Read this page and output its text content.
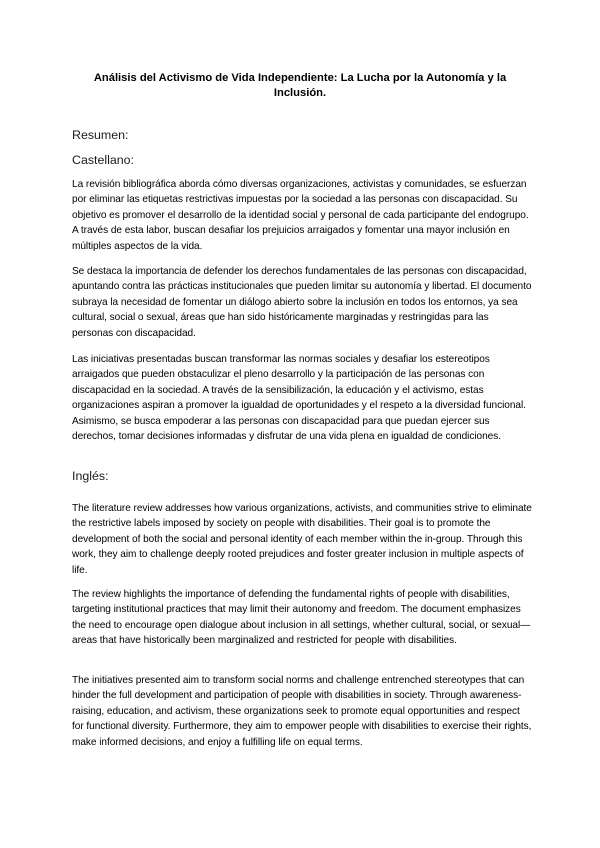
Análisis del Activismo de Vida Independiente: La Lucha por la Autonomía y la Inclusión.
Resumen:
Castellano:
La revisión bibliográfica aborda cómo diversas organizaciones, activistas y comunidades, se esfuerzan por eliminar las etiquetas restrictivas impuestas por la sociedad a las personas con discapacidad. Su objetivo es promover el desarrollo de la identidad social y personal de cada participante del endogrupo. A través de esta labor, buscan desafiar los prejuicios arraigados y fomentar una mayor inclusión en múltiples aspectos de la vida.
Se destaca la importancia de defender los derechos fundamentales de las personas con discapacidad, apuntando contra las prácticas institucionales que pueden limitar su autonomía y libertad. El documento subraya la necesidad de fomentar un diálogo abierto sobre la inclusión en todos los entornos, ya sea cultural, social o sexual, áreas que han sido históricamente marginadas y restringidas para las personas con discapacidad.
Las iniciativas presentadas buscan transformar las normas sociales y desafiar los estereotipos arraigados que pueden obstaculizar el pleno desarrollo y la participación de las personas con discapacidad en la sociedad. A través de la sensibilización, la educación y el activismo, estas organizaciones aspiran a promover la igualdad de oportunidades y el respeto a la diversidad funcional. Asimismo, se busca empoderar a las personas con discapacidad para que puedan ejercer sus derechos, tomar decisiones informadas y disfrutar de una vida plena en igualdad de condiciones.
Inglés:
The literature review addresses how various organizations, activists, and communities strive to eliminate the restrictive labels imposed by society on people with disabilities. Their goal is to promote the development of both the social and personal identity of each member within the in-group. Through this work, they aim to challenge deeply rooted prejudices and foster greater inclusion in multiple aspects of life.
The review highlights the importance of defending the fundamental rights of people with disabilities, targeting institutional practices that may limit their autonomy and freedom. The document emphasizes the need to encourage open dialogue about inclusion in all settings, whether cultural, social, or sexual—areas that have historically been marginalized and restricted for people with disabilities.
The initiatives presented aim to transform social norms and challenge entrenched stereotypes that can hinder the full development and participation of people with disabilities in society. Through awareness-raising, education, and activism, these organizations seek to promote equal opportunities and respect for functional diversity. Furthermore, they aim to empower people with disabilities to exercise their rights, make informed decisions, and enjoy a fulfilling life on equal terms.
